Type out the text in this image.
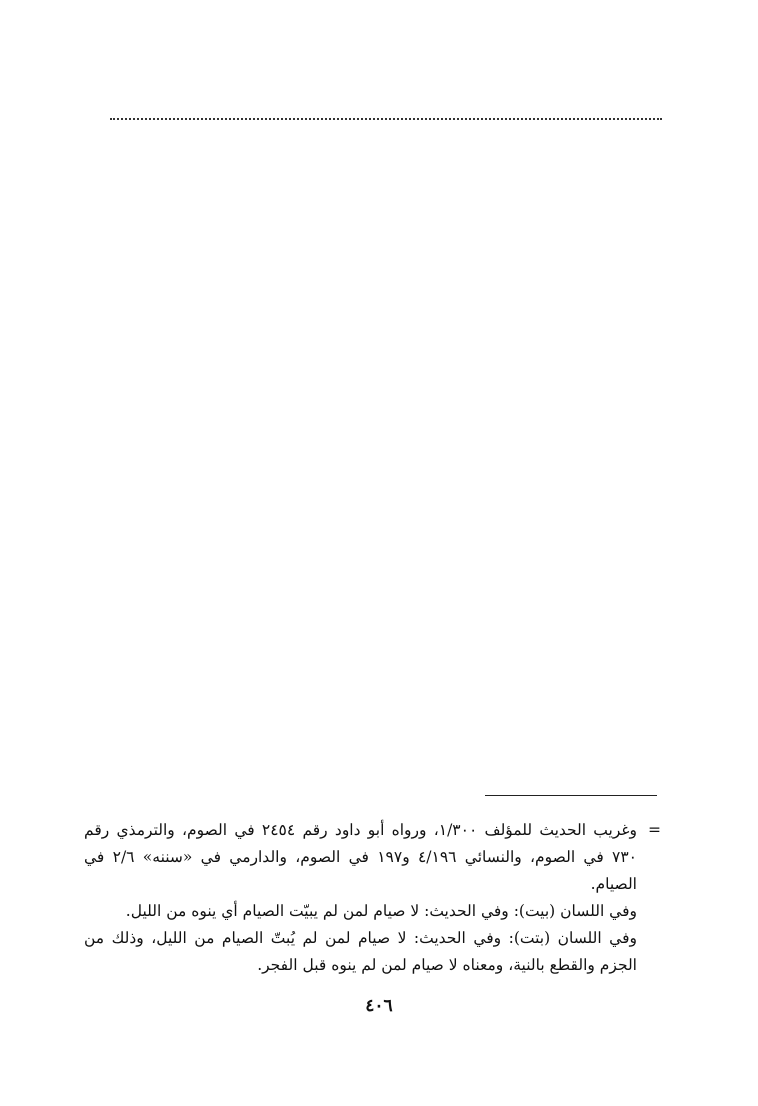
=

وغريب الحديث للمؤلف ١/٣٠٠، ورواه أبو داود رقم ٢٤٥٤ في الصوم، والترمذي رقم ٧٣٠ في الصوم، والنسائي ٤/١٩٦ و١٩٧ في الصوم، والدارمي في «سننه» ٢/٦ في الصيام.

وفي اللسان (بيت): وفي الحديث: لا صيام لمن لم يبيّت الصيام أي ينوه من الليل.

وفي اللسان (بتت): وفي الحديث: لا صيام لمن لم يُبتّ الصيام من الليل، وذلك من الجزم والقطع بالنية، ومعناه لا صيام لمن لم ينوه قبل الفجر.

٤٠٦
